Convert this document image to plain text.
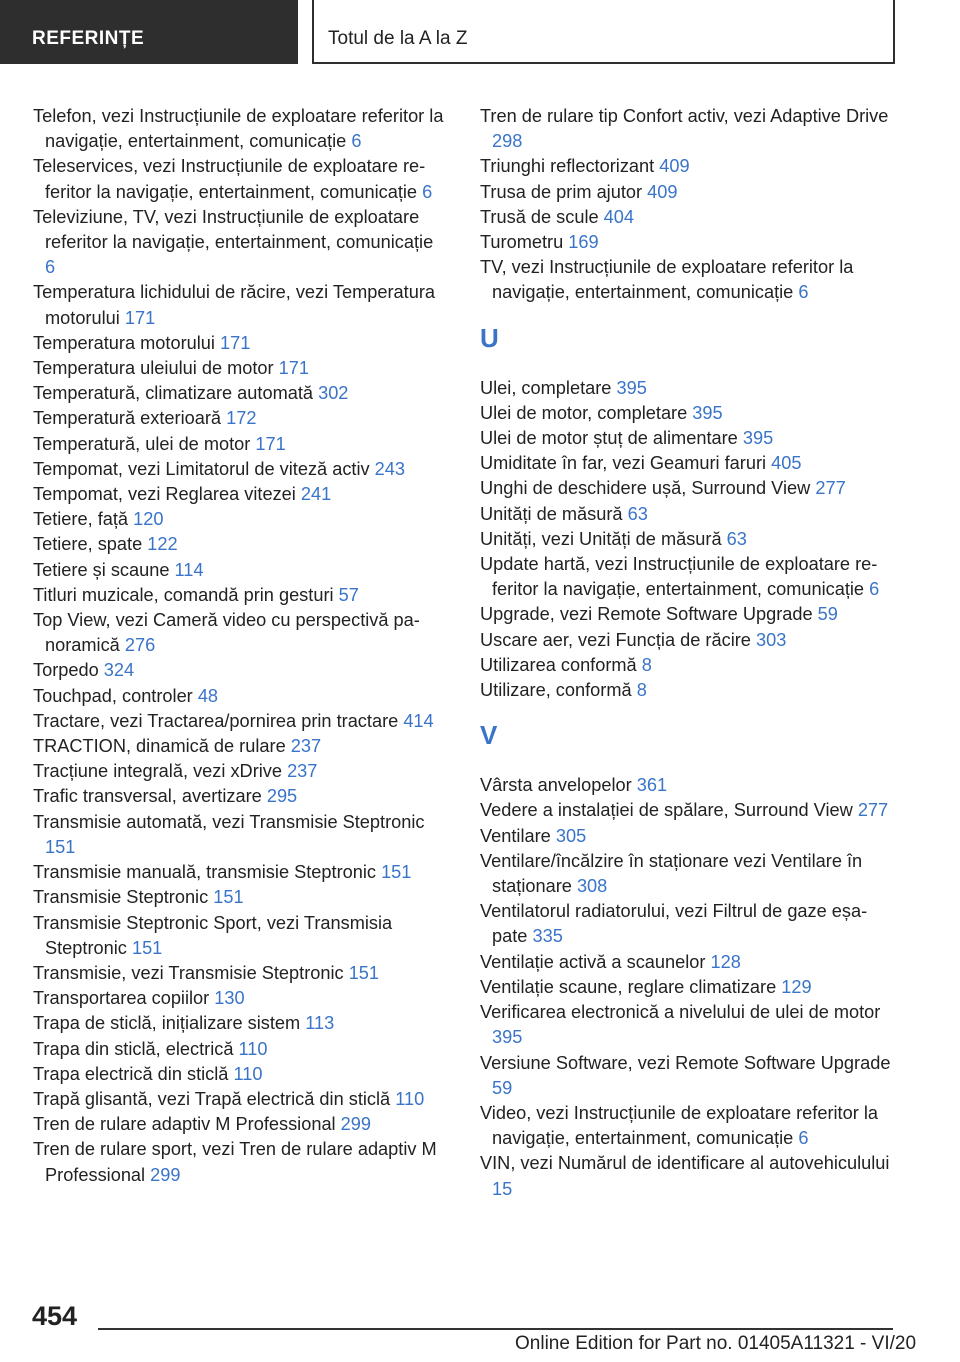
REFERINȚE	Totul de la A la Z
Telefon, vezi Instrucțiunile de exploatare referitor la navigație, entertainment, comunicație 6
Teleservices, vezi Instrucțiunile de exploatare referitor la navigație, entertainment, comunicație 6
Televiziune, TV, vezi Instrucțiunile de exploatare referitor la navigație, entertainment, comunicație 6
Temperatura lichidului de răcire, vezi Temperatura motorului 171
Temperatura motorului 171
Temperatura uleiului de motor 171
Temperatură, climatizare automată 302
Temperatură exterioară 172
Temperatură, ulei de motor 171
Tempomat, vezi Limitatorul de viteză activ 243
Tempomat, vezi Reglarea vitezei 241
Tetiere, față 120
Tetiere, spate 122
Tetiere și scaune 114
Titluri muzicale, comandă prin gesturi 57
Top View, vezi Cameră video cu perspectivă panoramică 276
Torpedo 324
Touchpad, controler 48
Tractare, vezi Tractarea/pornirea prin tractare 414
TRACTION, dinamică de rulare 237
Tracțiune integrală, vezi xDrive 237
Trafic transversal, avertizare 295
Transmisie automată, vezi Transmisie Steptronic 151
Transmisie manuală, transmisie Steptronic 151
Transmisie Steptronic 151
Transmisie Steptronic Sport, vezi Transmisia Steptronic 151
Transmisie, vezi Transmisie Steptronic 151
Transportarea copiilor 130
Trapa de sticlă, inițializare sistem 113
Trapa din sticlă, electrică 110
Trapa electrică din sticlă 110
Trapă glisantă, vezi Trapă electrică din sticlă 110
Tren de rulare adaptiv M Professional 299
Tren de rulare sport, vezi Tren de rulare adaptiv M Professional 299
Tren de rulare tip Confort activ, vezi Adaptive Drive 298
Triunghi reflectorizant 409
Trusa de prim ajutor 409
Trusă de scule 404
Turometru 169
TV, vezi Instrucțiunile de exploatare referitor la navigație, entertainment, comunicație 6
U
Ulei, completare 395
Ulei de motor, completare 395
Ulei de motor ștuț de alimentare 395
Umiditate în far, vezi Geamuri faruri 405
Unghi de deschidere ușă, Surround View 277
Unități de măsură 63
Unități, vezi Unități de măsură 63
Update hartă, vezi Instrucțiunile de exploatare referitor la navigație, entertainment, comunicație 6
Upgrade, vezi Remote Software Upgrade 59
Uscare aer, vezi Funcția de răcire 303
Utilizarea conformă 8
Utilizare, conformă 8
V
Vârsta anvelopelor 361
Vedere a instalației de spălare, Surround View 277
Ventilare 305
Ventilare/încălzire în staționare vezi Ventilare în staționare 308
Ventilatorul radiatorului, vezi Filtrul de gaze eșapate 335
Ventilație activă a scaunelor 128
Ventilație scaune, reglare climatizare 129
Verificarea electronică a nivelului de ulei de motor 395
Versiune Software, vezi Remote Software Upgrade 59
Video, vezi Instrucțiunile de exploatare referitor la navigație, entertainment, comunicație 6
VIN, vezi Numărul de identificare al autovehiculului 15
454
Online Edition for Part no. 01405A11321 - VI/20
